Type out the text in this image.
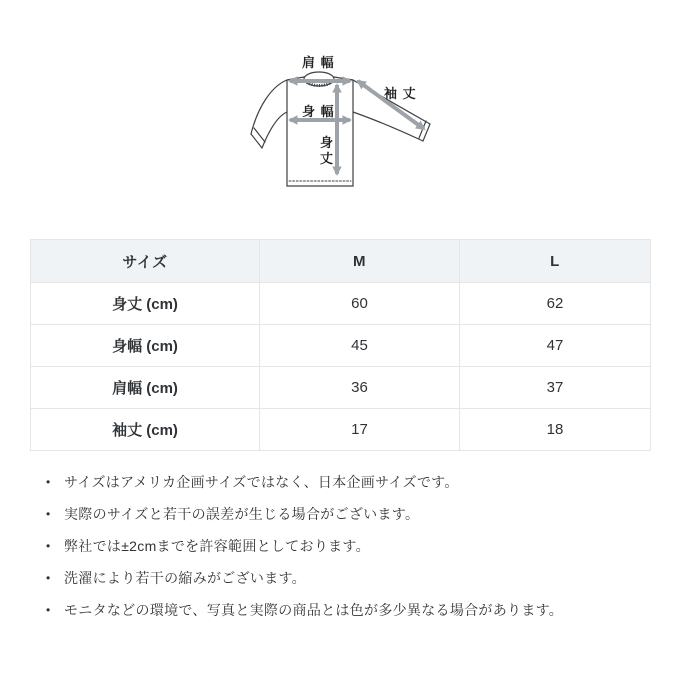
肩 幅
袖 丈
身 幅
身
丈
サイズ	M	L
身丈 (cm)	60	62
身幅 (cm)	45	47
肩幅 (cm)	36	37
袖丈 (cm)	17	18
• サイズはアメリカ企画サイズではなく、日本企画サイズです。
• 実際のサイズと若干の誤差が生じる場合がございます。
• 弊社では±2cmまでを許容範囲としております。
• 洗濯により若干の縮みがございます。
• モニタなどの環境で、写真と実際の商品とは色が多少異なる場合があります。
